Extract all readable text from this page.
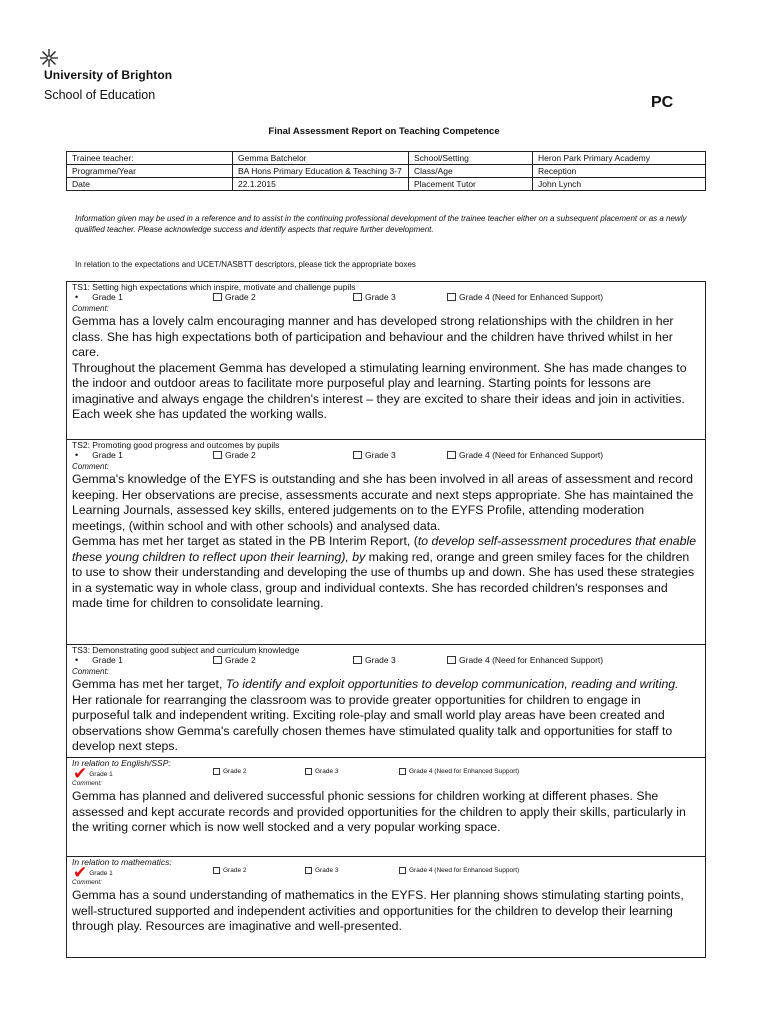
University of Brighton
School of Education	PC
Final Assessment Report on Teaching Competence
Trainee teacher:	Gemma Batchelor	School/Setting	Heron Park Primary Academy
Programme/Year	BA Hons Primary Education & Teaching 3-7	Class/Age	Reception
Date	22.1.2015	Placement Tutor	John Lynch
Information given may be used in a reference and to assist in the continuing professional development of the trainee teacher either on a subsequent placement or as a newly qualified teacher. Please acknowledge success and identify aspects that require further development.
In relation to the expectations and UCET/NASBTT descriptors, please tick the appropriate boxes
TS1: Setting high expectations which inspire, motivate and challenge pupils
• Grade 1	Grade 2	Grade 3	Grade 4 (Need for Enhanced Support)
Comment:
Gemma has a lovely calm encouraging manner and has developed strong relationships with the children in her class. She has high expectations both of participation and behaviour and the children have thrived whilst in her care.
Throughout the placement Gemma has developed a stimulating learning environment. She has made changes to the indoor and outdoor areas to facilitate more purposeful play and learning. Starting points for lessons are imaginative and always engage the children's interest – they are excited to share their ideas and join in activities. Each week she has updated the working walls.
TS2: Promoting good progress and outcomes by pupils
• Grade 1	Grade 2	Grade 3	Grade 4 (Need for Enhanced Support)
Comment:
Gemma's knowledge of the EYFS is outstanding and she has been involved in all areas of assessment and record keeping. Her observations are precise, assessments accurate and next steps appropriate. She has maintained the Learning Journals, assessed key skills, entered judgements on to the EYFS Profile, attending moderation meetings, (within school and with other schools) and analysed data.
Gemma has met her target as stated in the PB Interim Report, (to develop self-assessment procedures that enable these young children to reflect upon their learning), by making red, orange and green smiley faces for the children to use to show their understanding and developing the use of thumbs up and down. She has used these strategies in a systematic way in whole class, group and individual contexts. She has recorded children's responses and made time for children to consolidate learning.
TS3: Demonstrating good subject and curriculum knowledge
• Grade 1	Grade 2	Grade 3	Grade 4 (Need for Enhanced Support)
Comment:
Gemma has met her target, To identify and exploit opportunities to develop communication, reading and writing. Her rationale for rearranging the classroom was to provide greater opportunities for children to engage in purposeful talk and independent writing. Exciting role-play and small world play areas have been created and observations show Gemma's carefully chosen themes have stimulated quality talk and opportunities for staff to develop next steps.
In relation to English/SSP:
✔ Grade 1	Grade 2	Grade 3	Grade 4 (Need for Enhanced Support)
Comment:
Gemma has planned and delivered successful phonic sessions for children working at different phases. She assessed and kept accurate records and provided opportunities for the children to apply their skills, particularly in the writing corner which is now well stocked and a very popular working space.
In relation to mathematics:
✔ Grade 1	Grade 2	Grade 3	Grade 4 (Need for Enhanced Support)
Comment:
Gemma has a sound understanding of mathematics in the EYFS. Her planning shows stimulating starting points, well-structured supported and independent activities and opportunities for the children to develop their learning through play. Resources are imaginative and well-presented.
